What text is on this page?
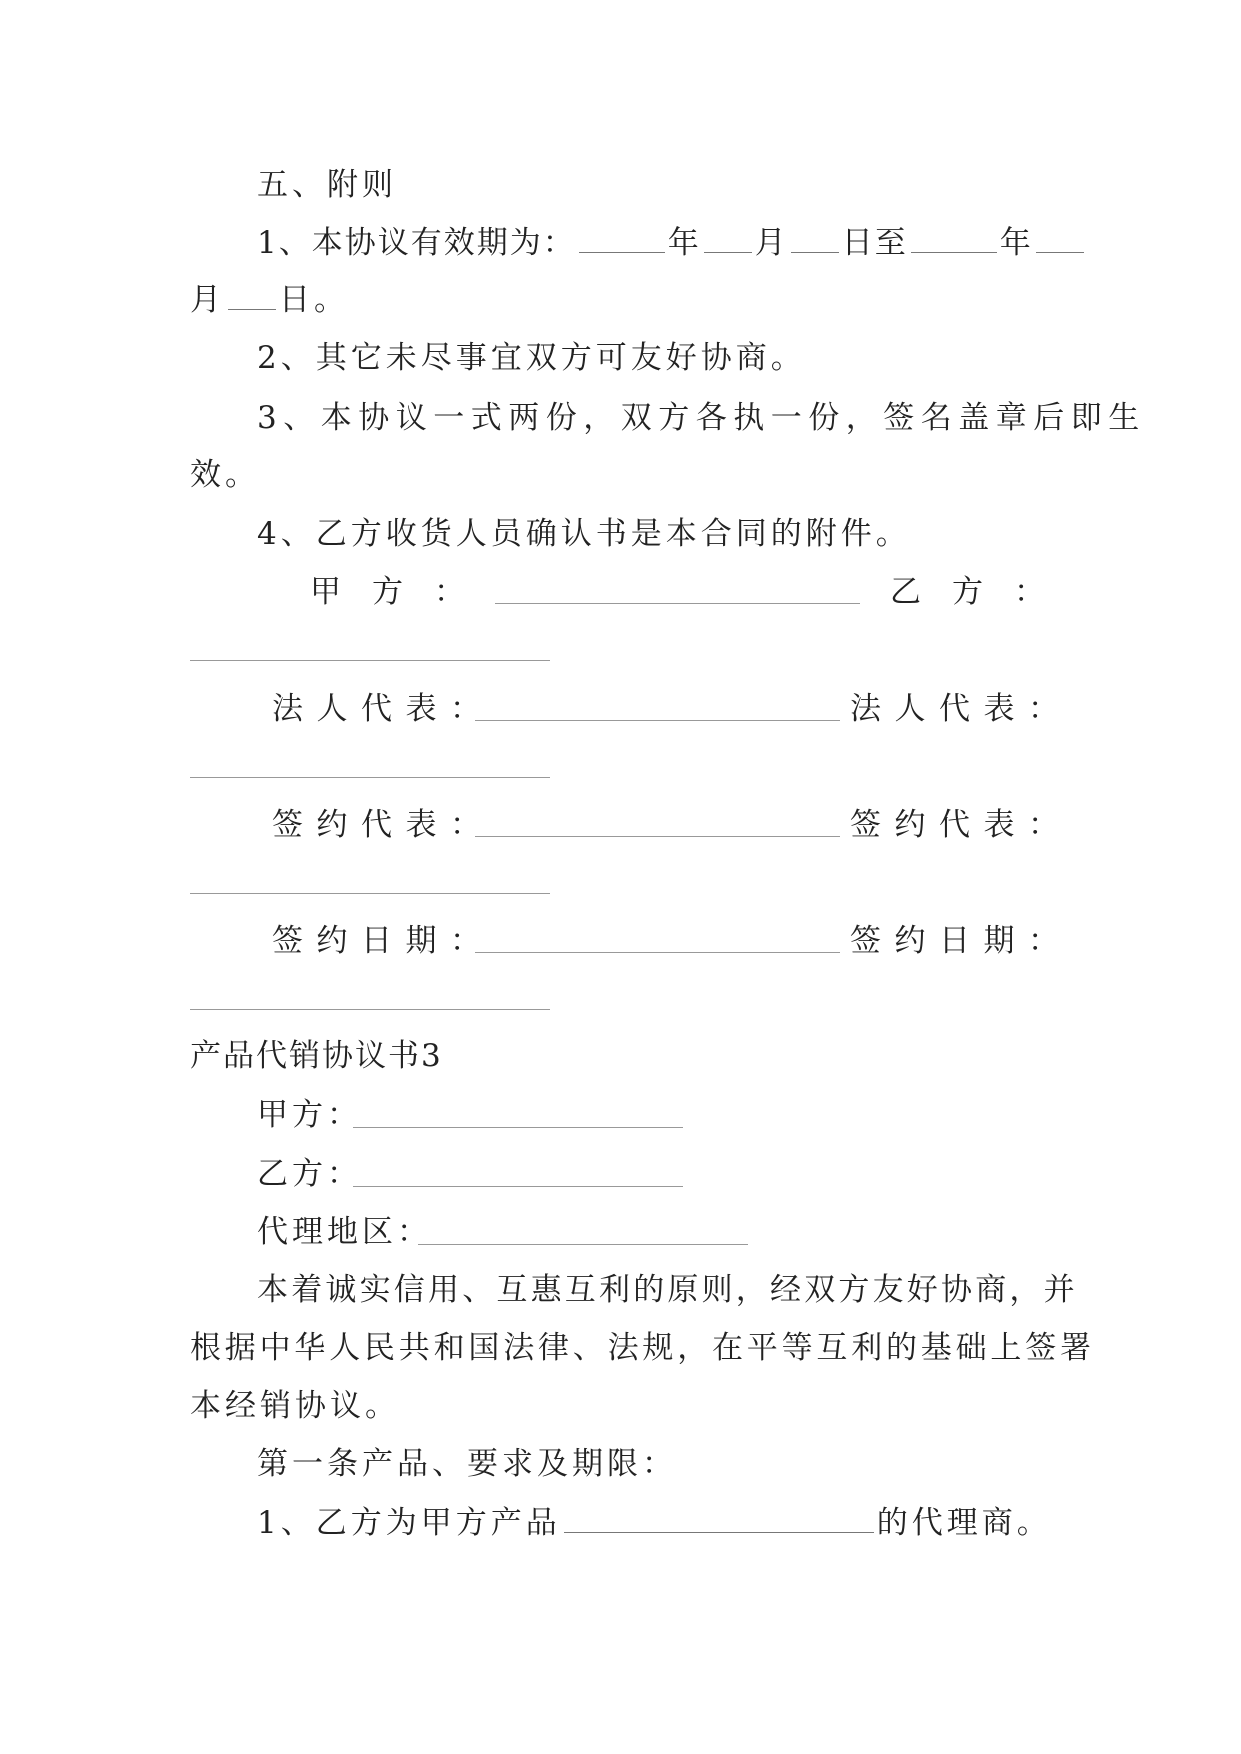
五、附则
1、本协议有效期为：	年 月 日至	年
月 日。
2、其它未尽事宜双方可友好协商。
3、本协议一式两份，双方各执一份，签名盖章后即生
效。
4、乙方收货人员确认书是本合同的附件。
甲　方　：	乙　方　：
法人代表：	法人代表：
签约代表：	签约代表：
签约日期：	签约日期：
产品代销协议书3
甲方：
乙方：
代理地区：
本着诚实信用、互惠互利的原则，经双方友好协商，并
根据中华人民共和国法律、法规，在平等互利的基础上签署
本经销协议。
第一条产品、要求及期限：
1、乙方为甲方产品	的代理商。
